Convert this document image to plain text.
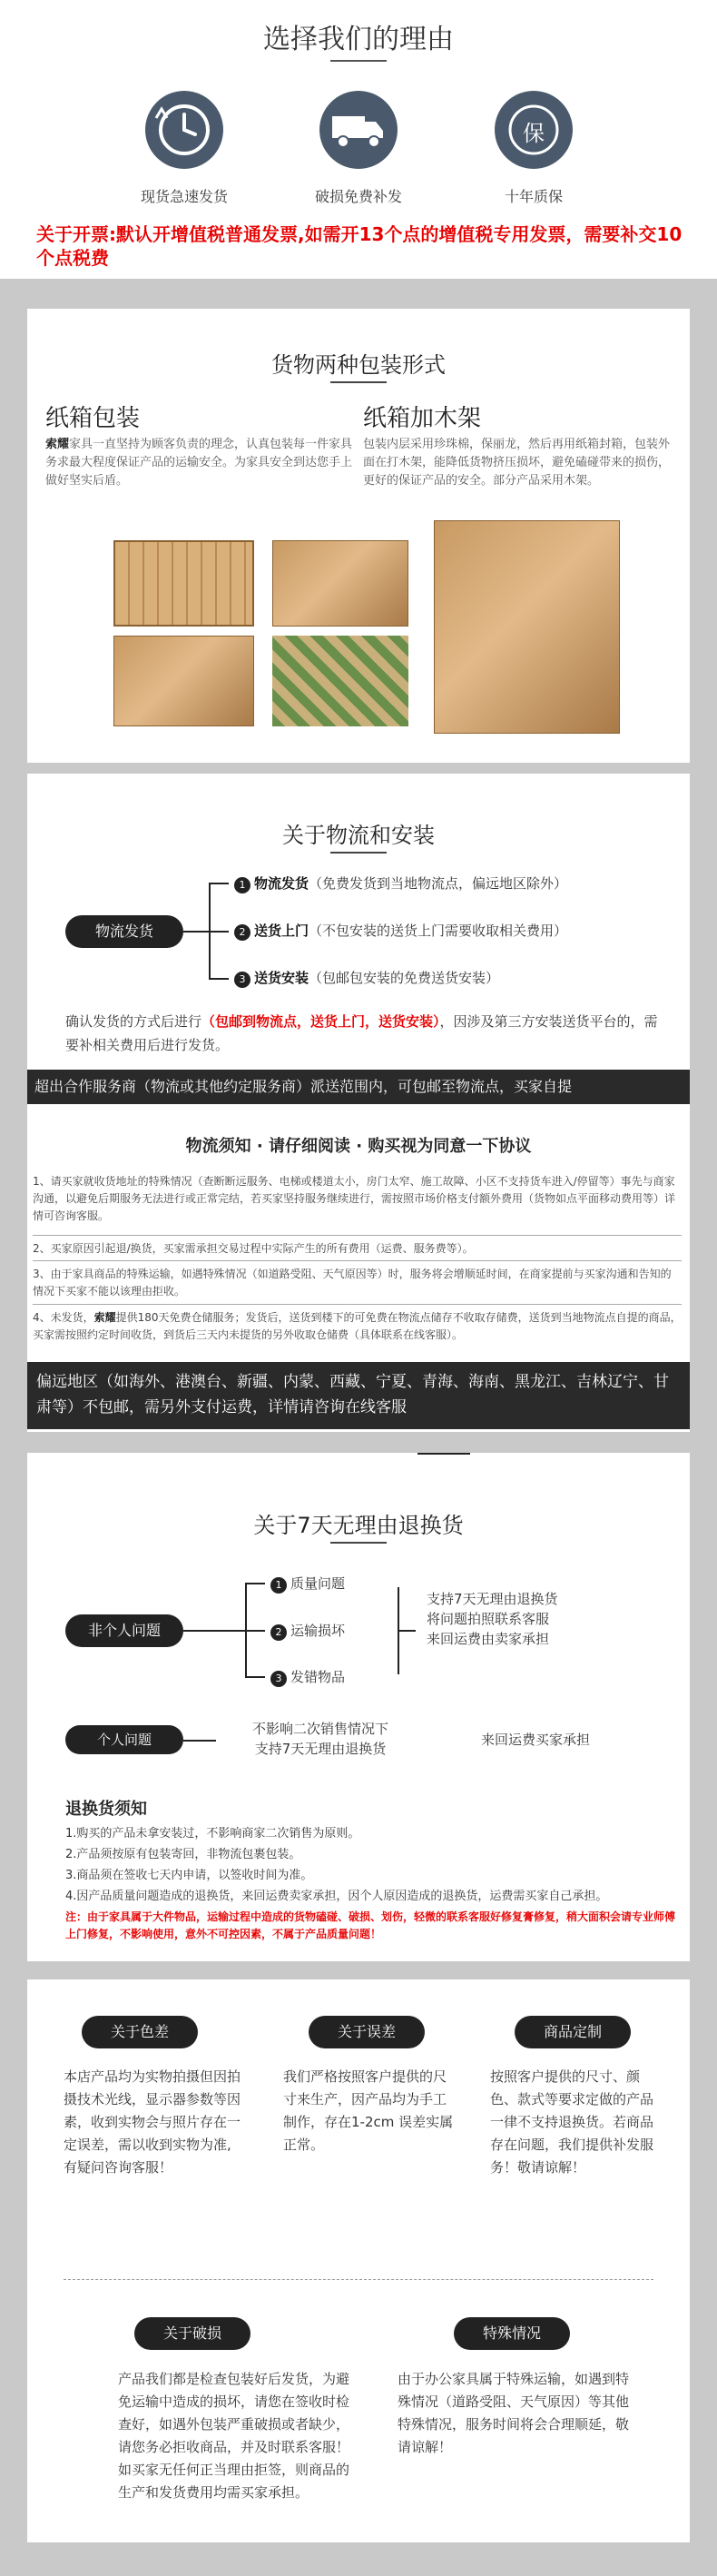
选择我们的理由
现货急速发货	破损免费补发
保
十年质保
关于开票:默认开增值税普通发票,如需开13个点的增值税专用发票，需要补交10个点税费
货物两种包装形式
纸箱包装
索耀家具一直坚持为顾客负责的理念，认真包装每一件家具务求最大程度保证产品的运输安全。为家具安全到达您手上做好坚实后盾。
纸箱加木架
包装内层采用珍珠棉，保丽龙，然后再用纸箱封箱，包装外面在打木架，能降低货物挤压损坏，避免磕碰带来的损伤，更好的保证产品的安全。部分产品采用木架。
关于物流和安装
物流发货
1 物流发货（免费发货到当地物流点，偏远地区除外）
2 送货上门（不包安装的送货上门需要收取相关费用）
3 送货安装（包邮包安装的免费送货安装）
确认发货的方式后进行（包邮到物流点，送货上门，送货安装），因涉及第三方安装送货平台的，需要补相关费用后进行发货。
超出合作服务商（物流或其他约定服务商）派送范围内，可包邮至物流点，买家自提
物流须知 · 请仔细阅读 · 购买视为同意一下协议
1、请买家就收货地址的特殊情况（查断断远服务、电梯或楼道太小，房门太窄、施工故障、小区不支持货车进入/停留等）事先与商家沟通，以避免后期服务无法进行或正常完结，若买家坚持服务继续进行，需按照市场价格支付额外费用（货物如点平面移动费用等）详情可咨询客服。
2、买家原因引起退/换货，买家需承担交易过程中实际产生的所有费用（运费、服务费等）。
3、由于家具商品的特殊运输，如遇特殊情况（如道路受阻、天气原因等）时，服务将会增顺延时间，在商家提前与买家沟通和告知的情况下买家不能以该理由拒收。
4、未发货，索耀提供180天免费仓储服务；发货后，送货到楼下的可免费在物流点储存不收取存储费，送货到当地物流点自提的商品，买家需按照约定时间收货，到货后三天内未提货的另外收取仓储费（具体联系在线客服）。
偏远地区（如海外、港澳台、新疆、内蒙、西藏、宁夏、青海、海南、黑龙江、吉林辽宁、甘肃等）不包邮，需另外支付运费，详情请咨询在线客服
关于7天无理由退换货
非个人问题
1 质量问题
2 运输损坏
3 发错物品
支持7天无理由退换货
将问题拍照联系客服
来回运费由卖家承担
个人问题
不影响二次销售情况下
支持7天无理由退换货
来回运费买家承担
退换货须知
1.购买的产品未拿安装过，不影响商家二次销售为原则。
2.产品须按原有包装寄回，非物流包裹包装。
3.商品须在签收七天内申请，以签收时间为准。
4.因产品质量问题造成的退换货，来回运费卖家承担，因个人原因造成的退换货，运费需买家自己承担。
注：由于家具属于大件物品，运输过程中造成的货物磕碰、破损、划伤，轻微的联系客服好修复膏修复，稍大面积会请专业师傅上门修复，不影响使用，意外不可控因素，不属于产品质量问题！
关于色差
本店产品均为实物拍摄但因拍摄技术光线，显示器参数等因素，收到实物会与照片存在一定误差，需以收到实物为准,有疑问咨询客服！
关于误差
我们严格按照客户提供的尺寸来生产，因产品均为手工制作，存在1-2cm 误差实属正常。
商品定制
按照客户提供的尺寸、颜色、款式等要求定做的产品一律不支持退换货。若商品存在问题，我们提供补发服务！敬请谅解！
关于破损
产品我们都是检查包装好后发货，为避免运输中造成的损坏，请您在签收时检查好，如遇外包装严重破损或者缺少，请您务必拒收商品，并及时联系客服！如买家无任何正当理由拒签，则商品的生产和发货费用均需买家承担。
特殊情况
由于办公家具属于特殊运输，如遇到特殊情况（道路受阻、天气原因）等其他特殊情况，服务时间将会合理顺延，敬请谅解！
